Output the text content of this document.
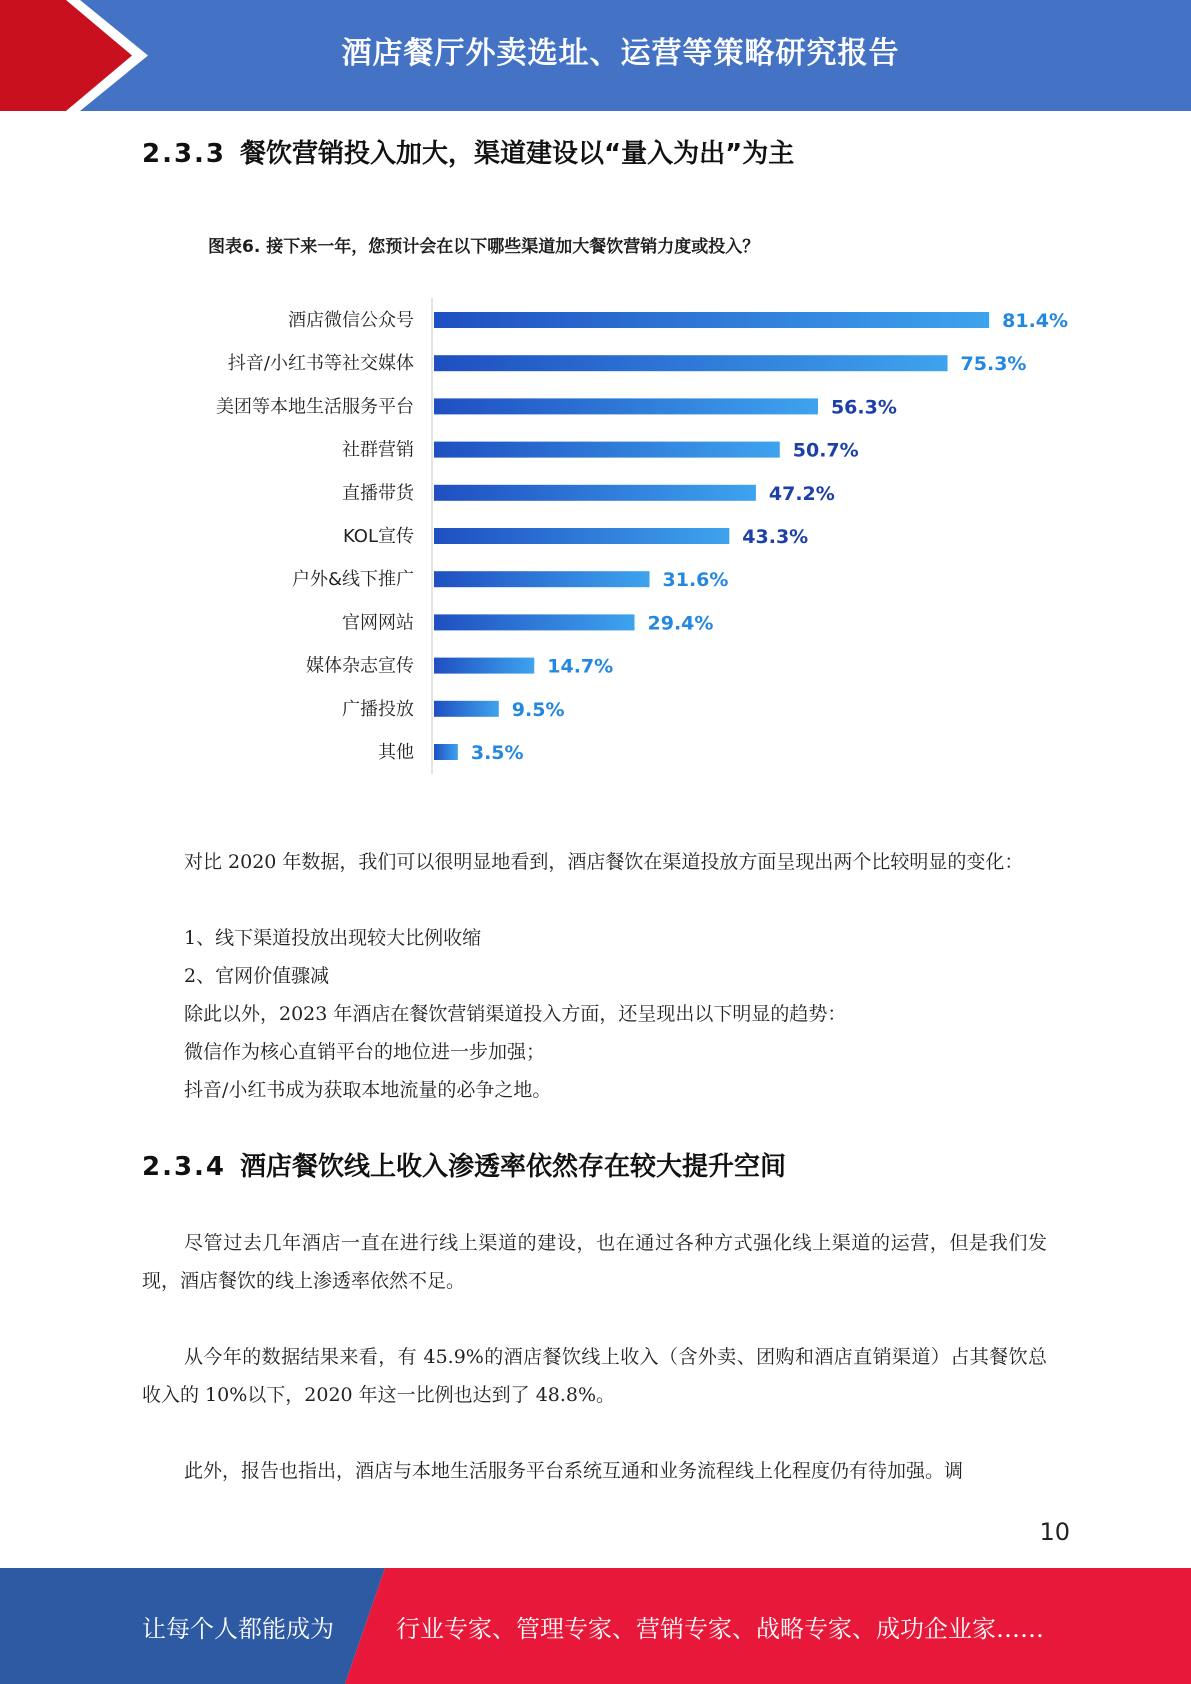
酒店餐厅外卖选址、运营等策略研究报告
2.3.3 餐饮营销投入加大，渠道建设以“量入为出”为主
酒店微信公众号	81.4%
抖音/小红书等社交媒体	75.3%
美团等本地生活服务平台	56.3%
社群营销	50.7%
直播带货	47.2%
KOL宣传	43.3%
户外&线下推广	31.6%
官网网站	29.4%
媒体杂志宣传	14.7%
广播投放	9.5%
其他	3.5%
图表6. 接下来一年，您预计会在以下哪些渠道加大餐饮营销力度或投入？
对比 2020 年数据，我们可以很明显地看到，酒店餐饮在渠道投放方面呈现出两个比较明显的变化：
1、线下渠道投放出现较大比例收缩
2、官网价值骤减
除此以外，2023 年酒店在餐饮营销渠道投入方面，还呈现出以下明显的趋势：
微信作为核心直销平台的地位进一步加强；
抖音/小红书成为获取本地流量的必争之地。
2.3.4 酒店餐饮线上收入渗透率依然存在较大提升空间
尽管过去几年酒店一直在进行线上渠道的建设，也在通过各种方式强化线上渠道的运营，但是我们发现，酒店餐饮的线上渗透率依然不足。
从今年的数据结果来看，有 45.9%的酒店餐饮线上收入（含外卖、团购和酒店直销渠道）占其餐饮总收入的 10%以下，2020 年这一比例也达到了 48.8%。
此外，报告也指出，酒店与本地生活服务平台系统互通和业务流程线上化程度仍有待加强。调
10
让每个人都能成为	行业专家、管理专家、营销专家、战略专家、成功企业家……
